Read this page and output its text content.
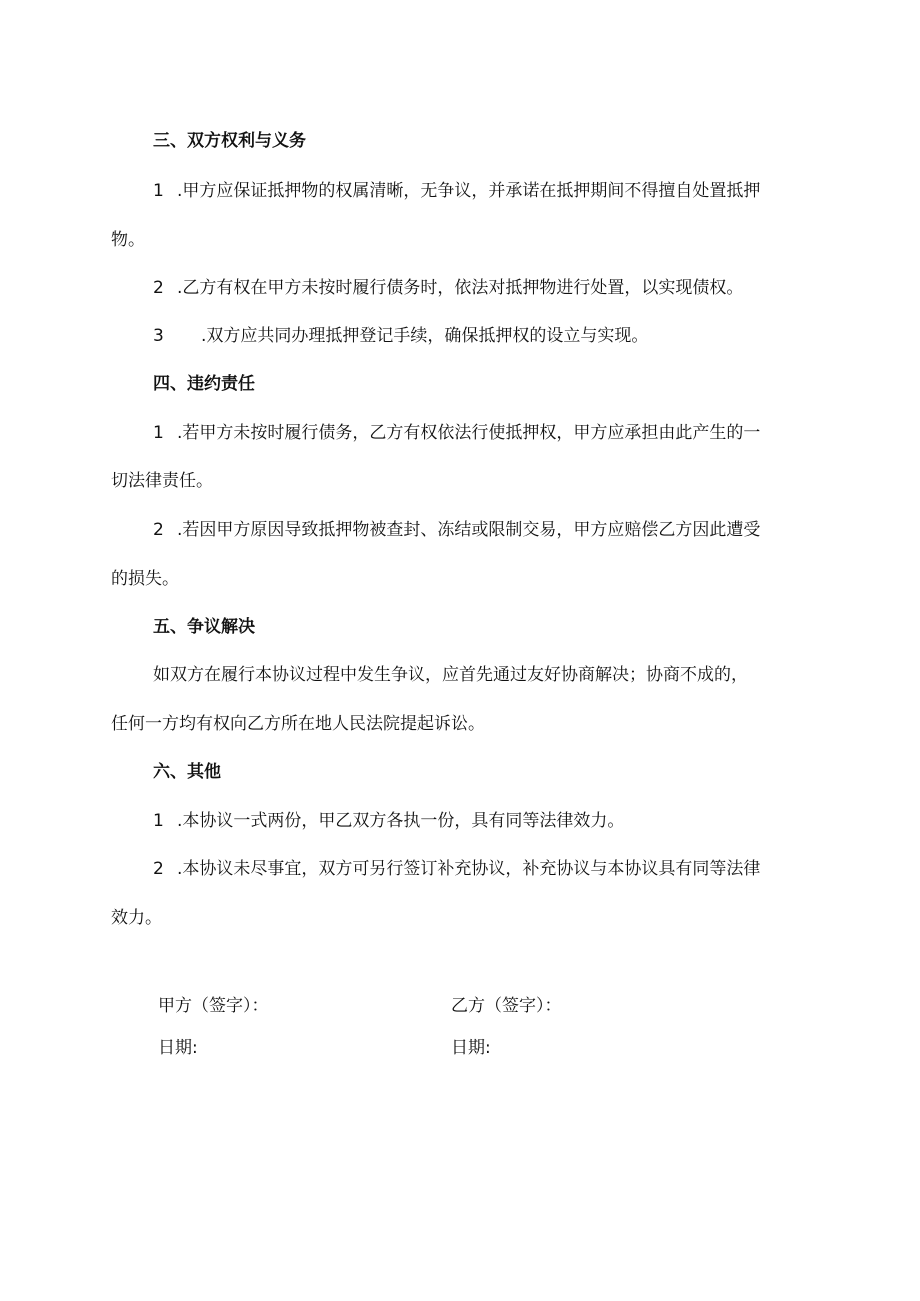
三、双方权利与义务
1 .甲方应保证抵押物的权属清晰，无争议，并承诺在抵押期间不得擅自处置抵押
物。
2 .乙方有权在甲方未按时履行债务时，依法对抵押物进行处置，以实现债权。
3 .双方应共同办理抵押登记手续，确保抵押权的设立与实现。
四、违约责任
1 .若甲方未按时履行债务，乙方有权依法行使抵押权，甲方应承担由此产生的一
切法律责任。
2 .若因甲方原因导致抵押物被查封、冻结或限制交易，甲方应赔偿乙方因此遭受
的损失。
五、争议解决
如双方在履行本协议过程中发生争议，应首先通过友好协商解决；协商不成的，
任何一方均有权向乙方所在地人民法院提起诉讼。
六、其他
1 .本协议一式两份，甲乙双方各执一份，具有同等法律效力。
2 .本协议未尽事宜，双方可另行签订补充协议，补充协议与本协议具有同等法律
效力。
甲方（签字）：	乙方（签字）：
日期:	日期:
